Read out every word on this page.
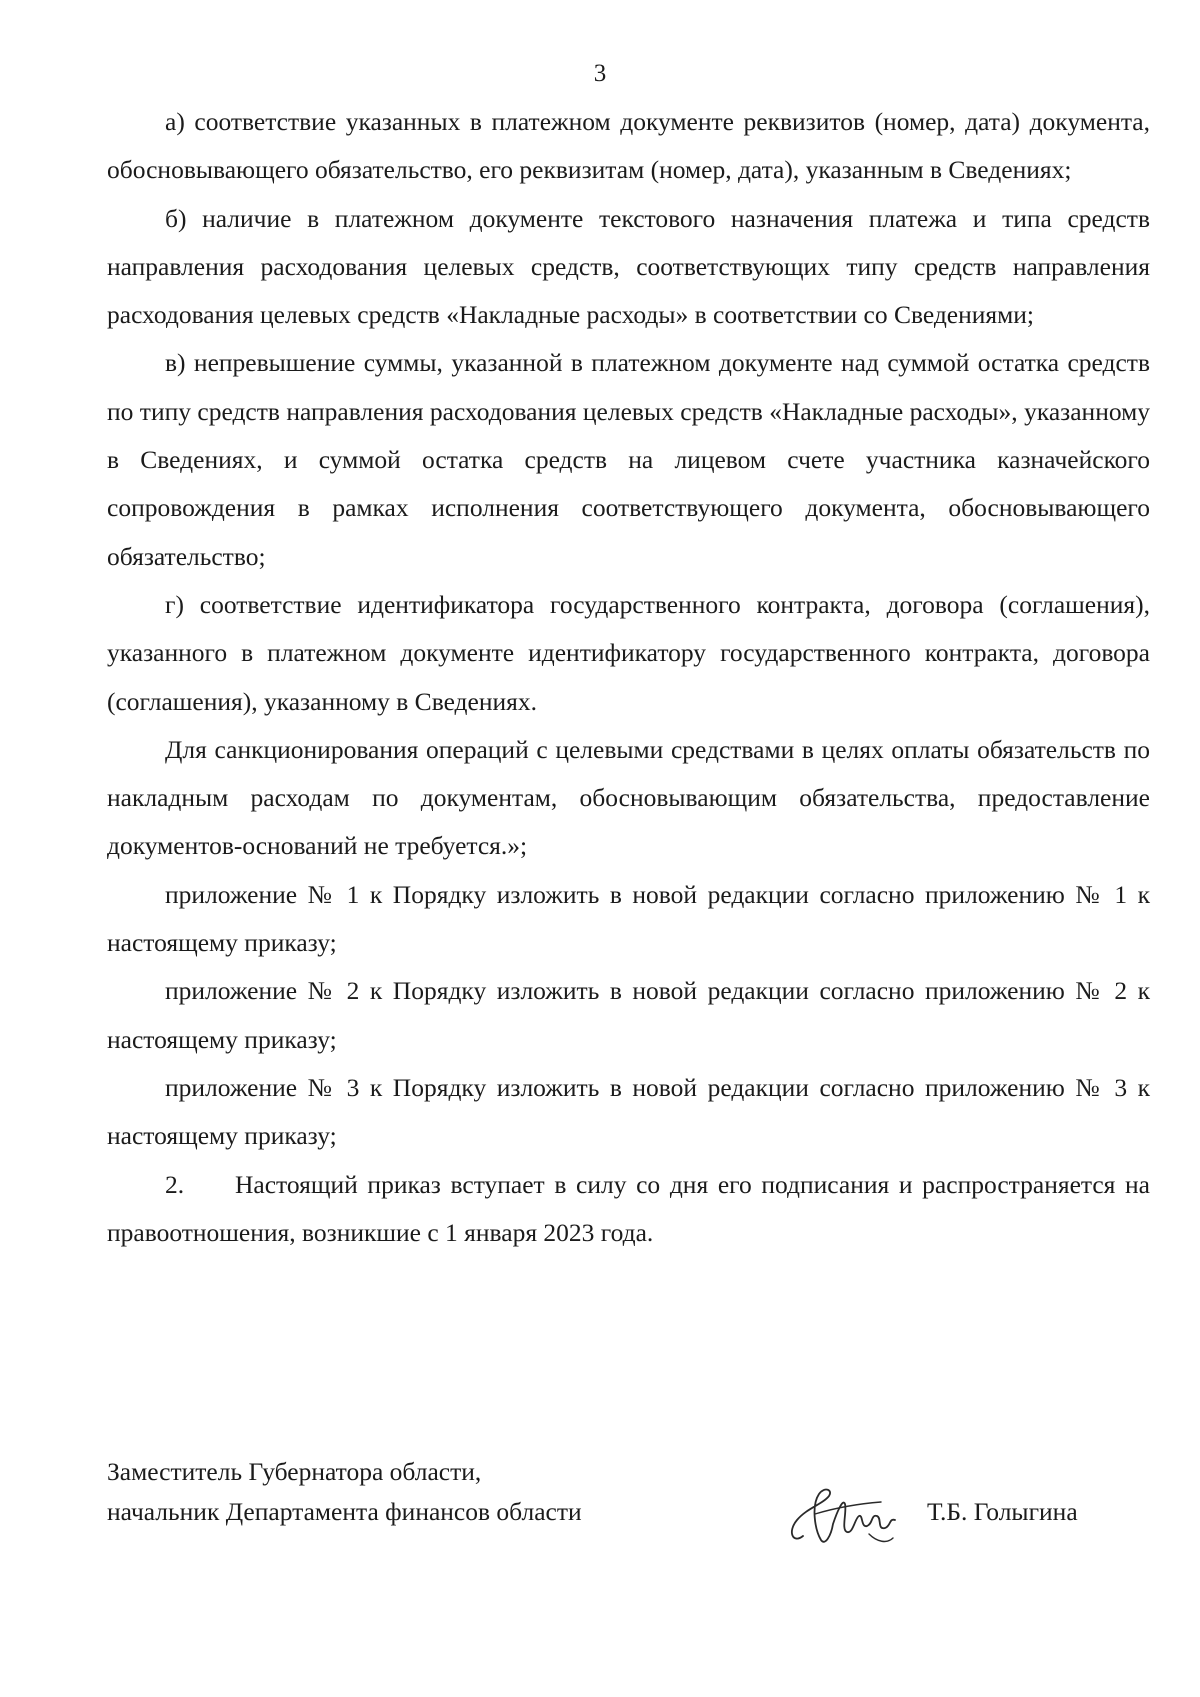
3

а) соответствие указанных в платежном документе реквизитов (номер, дата) документа, обосновывающего обязательство, его реквизитам (номер, дата), указанным в Сведениях;

б) наличие в платежном документе текстового назначения платежа и типа средств направления расходования целевых средств, соответствующих типу средств направления расходования целевых средств «Накладные расходы» в соответствии со Сведениями;

в) непревышение суммы, указанной в платежном документе над суммой остатка средств по типу средств направления расходования целевых средств «Накладные расходы», указанному в Сведениях, и суммой остатка средств на лицевом счете участника казначейского сопровождения в рамках исполнения соответствующего документа, обосновывающего обязательство;

г) соответствие идентификатора государственного контракта, договора (соглашения), указанного в платежном документе идентификатору государственного контракта, договора (соглашения), указанному в Сведениях.

Для санкционирования операций с целевыми средствами в целях оплаты обязательств по накладным расходам по документам, обосновывающим обязательства, предоставление документов-оснований не требуется.»;

приложение № 1 к Порядку изложить в новой редакции согласно приложению № 1 к настоящему приказу;

приложение № 2 к Порядку изложить в новой редакции согласно приложению № 2 к настоящему приказу;

приложение № 3 к Порядку изложить в новой редакции согласно приложению № 3 к настоящему приказу;

2. Настоящий приказ вступает в силу со дня его подписания и распространяется на правоотношения, возникшие с 1 января 2023 года.

Заместитель Губернатора области,
начальник Департамента финансов области	Т.Б. Голыгина
